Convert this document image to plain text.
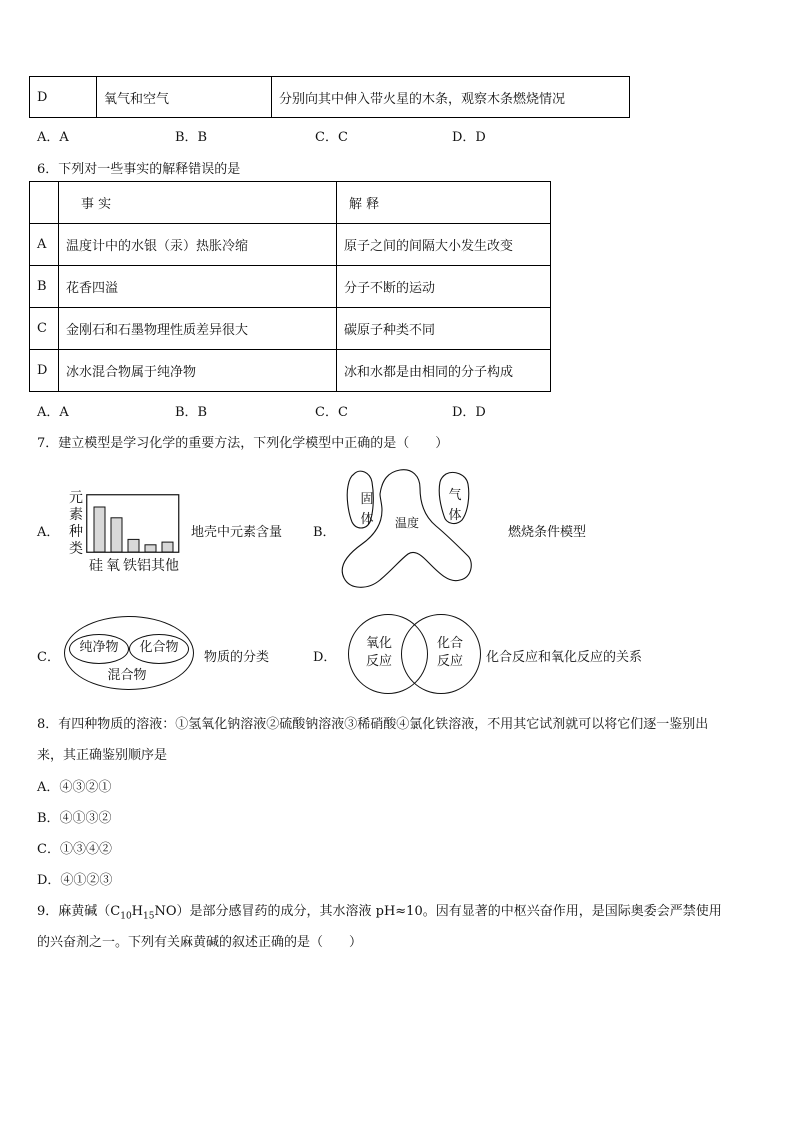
D	氧气和空气	分别向其中伸入带火星的木条，观察木条燃烧情况
A．A	B．B	C．C	D．D
6．下列对一些事实的解释错误的是
	事 实	解 释
A	温度计中的水银（汞）热胀冷缩	原子之间的间隔大小发生改变
B	花香四溢	分子不断的运动
C	金刚石和石墨物理性质差异很大	碳原子种类不同
D	冰水混合物属于纯净物	冰和水都是由相同的分子构成
A．A	B．B	C．C	D．D
7．建立模型是学习化学的重要方法，下列化学模型中正确的是（　　）
A．
元
素
种
类
硅 氧 铁铝其他
地壳中元素含量 B．
固体
气体
温度
燃烧条件模型
C．
纯净物	化合物
混合物
物质的分类	D．
氧化反应
化合反应	化合反应和氧化反应的关系
8．有四种物质的溶液：①氢氧化钠溶液②硫酸钠溶液③稀硝酸④氯化铁溶液，不用其它试剂就可以将它们逐一鉴别出
来，其正确鉴别顺序是
A．④③②①
B．④①③②
C．①③④②
D．④①②③
9．麻黄碱$(C_{10}H_{15}NO)$是部分感冒药的成分，其水溶液 pH≈10。因有显著的中枢兴奋作用，是国际奥委会严禁使用
的兴奋剂之一。下列有关麻黄碱的叙述正确的是（　　）
